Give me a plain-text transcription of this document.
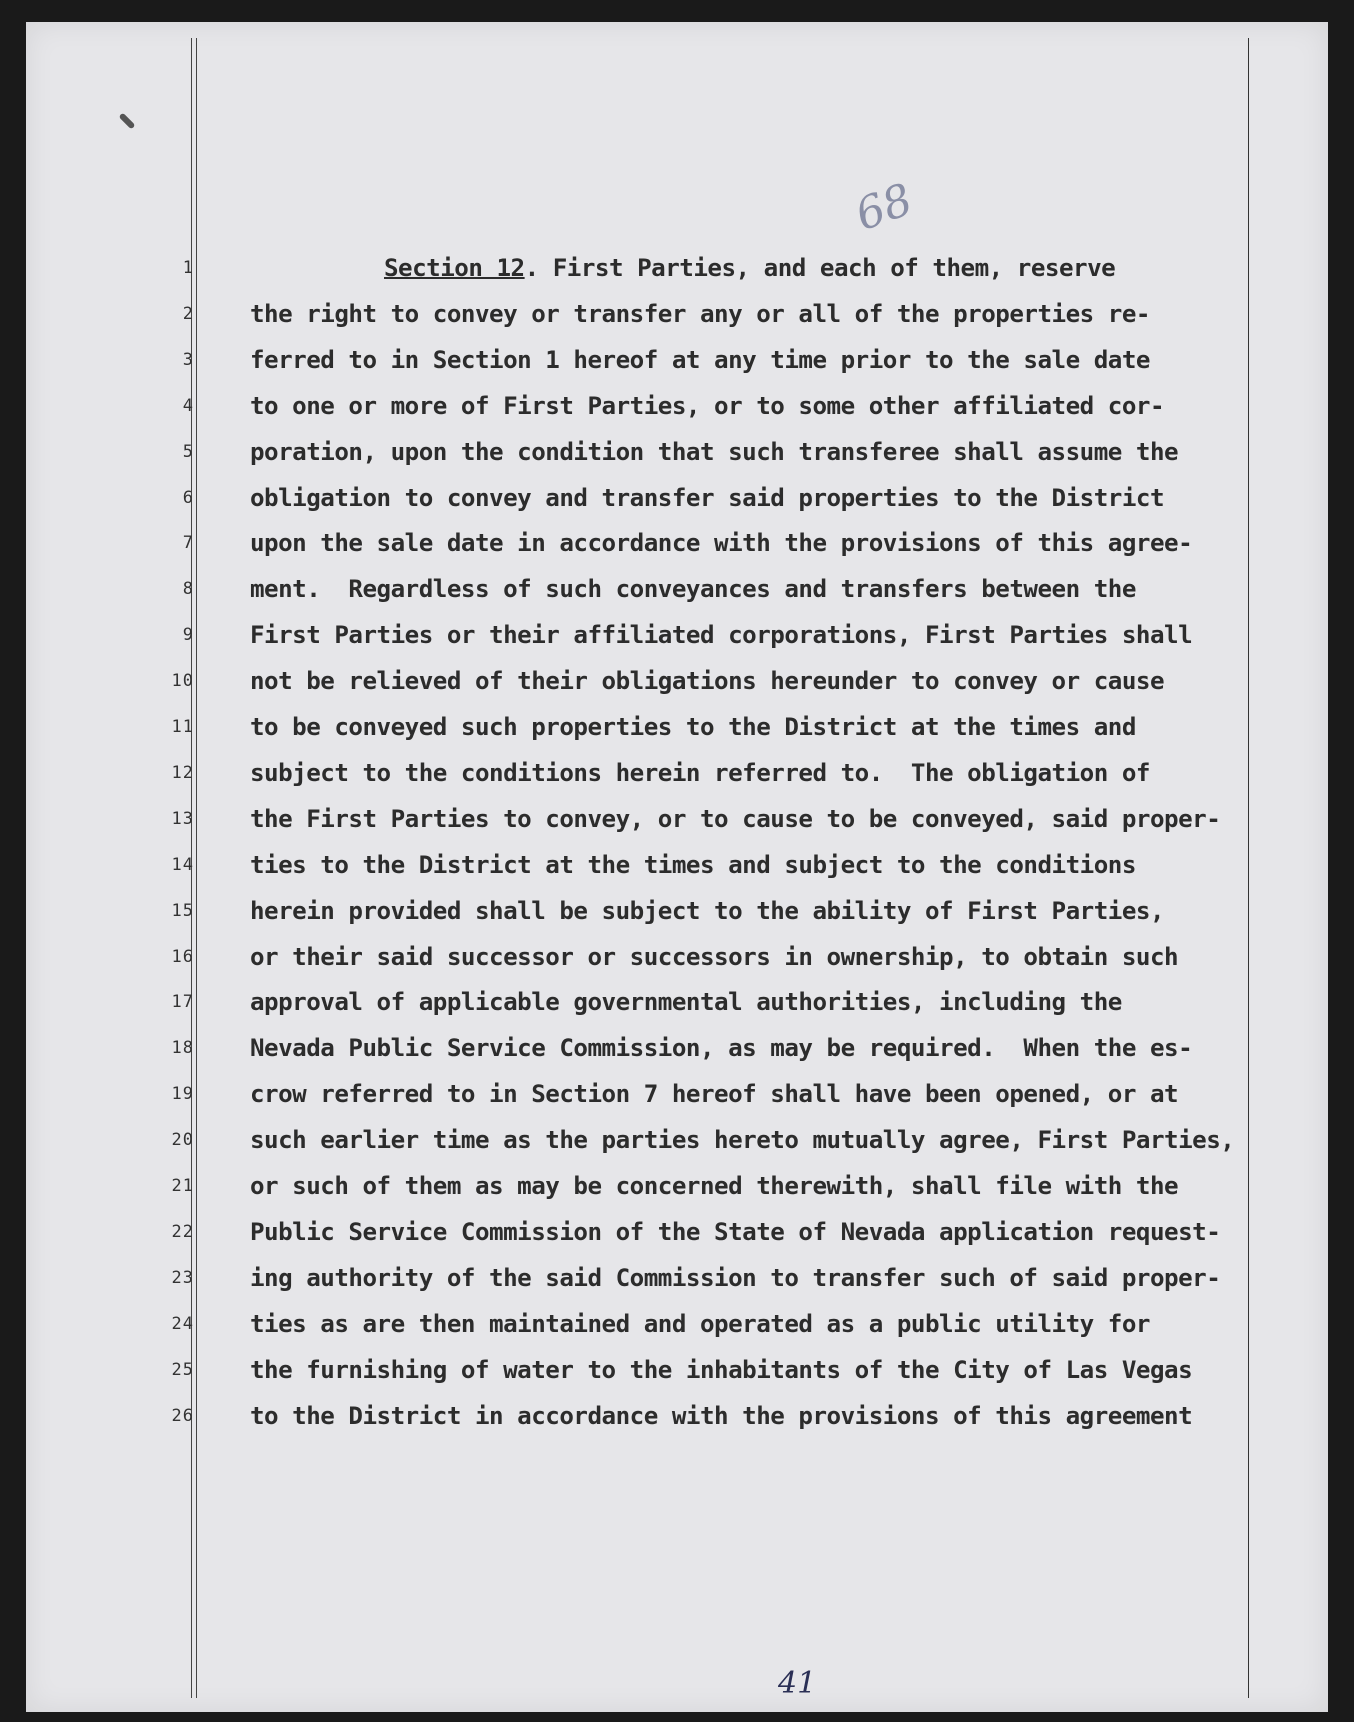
68
1
2
3
4
5
6
7
8
9
10
11
12
13
14
15
16
17
18
19
20
21
22
23
24
25
26
Section 12. First Parties, and each of them, reserve
the right to convey or transfer any or all of the properties re-
ferred to in Section 1 hereof at any time prior to the sale date
to one or more of First Parties, or to some other affiliated cor-
poration, upon the condition that such transferee shall assume the
obligation to convey and transfer said properties to the District
upon the sale date in accordance with the provisions of this agree-
ment.  Regardless of such conveyances and transfers between the
First Parties or their affiliated corporations, First Parties shall
not be relieved of their obligations hereunder to convey or cause
to be conveyed such properties to the District at the times and
subject to the conditions herein referred to.  The obligation of
the First Parties to convey, or to cause to be conveyed, said proper-
ties to the District at the times and subject to the conditions
herein provided shall be subject to the ability of First Parties,
or their said successor or successors in ownership, to obtain such
approval of applicable governmental authorities, including the
Nevada Public Service Commission, as may be required.  When the es-
crow referred to in Section 7 hereof shall have been opened, or at
such earlier time as the parties hereto mutually agree, First Parties,
or such of them as may be concerned therewith, shall file with the
Public Service Commission of the State of Nevada application request-
ing authority of the said Commission to transfer such of said proper-
ties as are then maintained and operated as a public utility for
the furnishing of water to the inhabitants of the City of Las Vegas
to the District in accordance with the provisions of this agreement
41
